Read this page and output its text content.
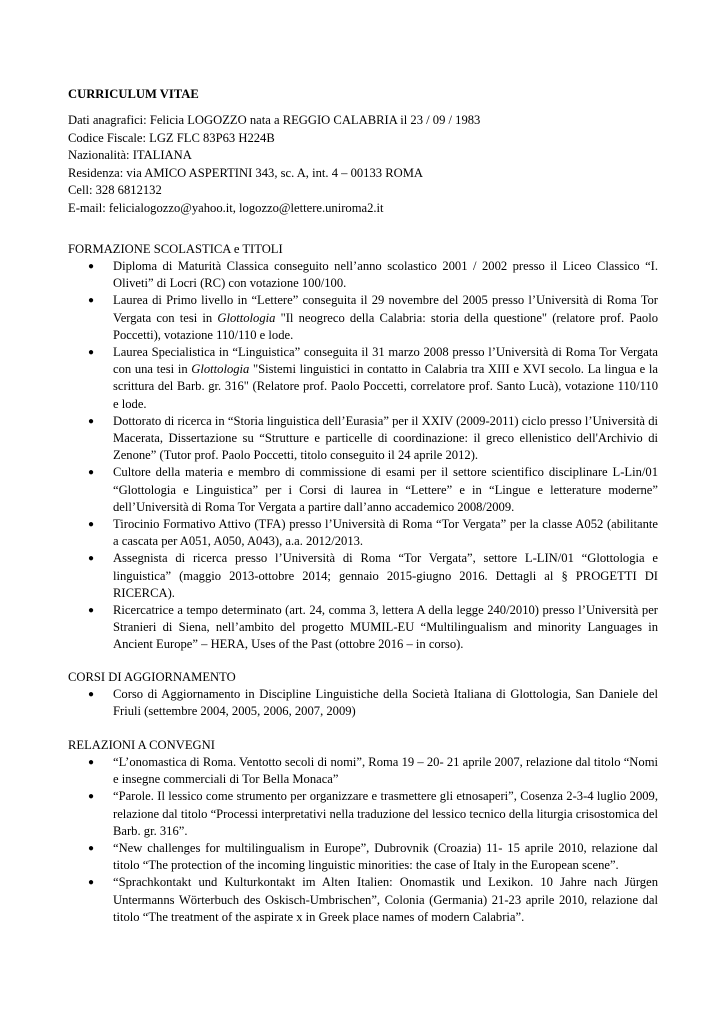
CURRICULUM VITAE
Dati anagrafici: Felicia LOGOZZO nata a REGGIO CALABRIA il 23 / 09 / 1983
Codice Fiscale: LGZ FLC 83P63 H224B
Nazionalità: ITALIANA
Residenza: via AMICO ASPERTINI 343, sc. A, int. 4 – 00133 ROMA
Cell: 328 6812132
E-mail: felicialogozzo@yahoo.it, logozzo@lettere.uniroma2.it
FORMAZIONE SCOLASTICA e TITOLI
● Diploma di Maturità Classica conseguito nell’anno scolastico 2001 / 2002 presso il Liceo Classico “I. Oliveti” di Locri (RC) con votazione 100/100.
● Laurea di Primo livello in “Lettere” conseguita il 29 novembre del 2005 presso l’Università di Roma Tor Vergata con tesi in Glottologia "Il neogreco della Calabria: storia della questione" (relatore prof. Paolo Poccetti), votazione 110/110 e lode.
● Laurea Specialistica in “Linguistica” conseguita il 31 marzo 2008 presso l’Università di Roma Tor Vergata con una tesi in Glottologia "Sistemi linguistici in contatto in Calabria tra XIII e XVI secolo. La lingua e la scrittura del Barb. gr. 316" (Relatore prof. Paolo Poccetti, correlatore prof. Santo Lucà), votazione 110/110 e lode.
● Dottorato di ricerca in “Storia linguistica dell’Eurasia” per il XXIV (2009-2011) ciclo presso l’Università di Macerata, Dissertazione su “Strutture e particelle di coordinazione: il greco ellenistico dell'Archivio di Zenone” (Tutor prof. Paolo Poccetti, titolo conseguito il 24 aprile 2012).
● Cultore della materia e membro di commissione di esami per il settore scientifico disciplinare L-Lin/01 “Glottologia e Linguistica” per i Corsi di laurea in “Lettere” e in “Lingue e letterature moderne” dell’Università di Roma Tor Vergata a partire dall’anno accademico 2008/2009.
● Tirocinio Formativo Attivo (TFA) presso l’Università di Roma “Tor Vergata” per la classe A052 (abilitante a cascata per A051, A050, A043), a.a. 2012/2013.
● Assegnista di ricerca presso l’Università di Roma “Tor Vergata”, settore L-LIN/01 “Glottologia e linguistica” (maggio 2013-ottobre 2014; gennaio 2015-giugno 2016. Dettagli al § PROGETTI DI RICERCA).
● Ricercatrice a tempo determinato (art. 24, comma 3, lettera A della legge 240/2010) presso l’Università per Stranieri di Siena, nell’ambito del progetto MUMIL-EU “Multilingualism and minority Languages in Ancient Europe” – HERA, Uses of the Past (ottobre 2016 – in corso).
CORSI DI AGGIORNAMENTO
● Corso di Aggiornamento in Discipline Linguistiche della Società Italiana di Glottologia, San Daniele del Friuli (settembre 2004, 2005, 2006, 2007, 2009)
RELAZIONI A CONVEGNI
● “L’onomastica di Roma. Ventotto secoli di nomi”, Roma 19 – 20- 21 aprile 2007, relazione dal titolo “Nomi e insegne commerciali di Tor Bella Monaca”
● “Parole. Il lessico come strumento per organizzare e trasmettere gli etnosaperi”, Cosenza 2-3-4 luglio 2009, relazione dal titolo “Processi interpretativi nella traduzione del lessico tecnico della liturgia crisostomica del Barb. gr. 316”.
● “New challenges for multilingualism in Europe”, Dubrovnik (Croazia) 11- 15 aprile 2010, relazione dal titolo “The protection of the incoming linguistic minorities: the case of Italy in the European scene”.
● “Sprachkontakt und Kulturkontakt im Alten Italien: Onomastik und Lexikon. 10 Jahre nach Jürgen Untermanns Wörterbuch des Oskisch-Umbrischen”, Colonia (Germania) 21-23 aprile 2010, relazione dal titolo “The treatment of the aspirate x in Greek place names of modern Calabria”.
